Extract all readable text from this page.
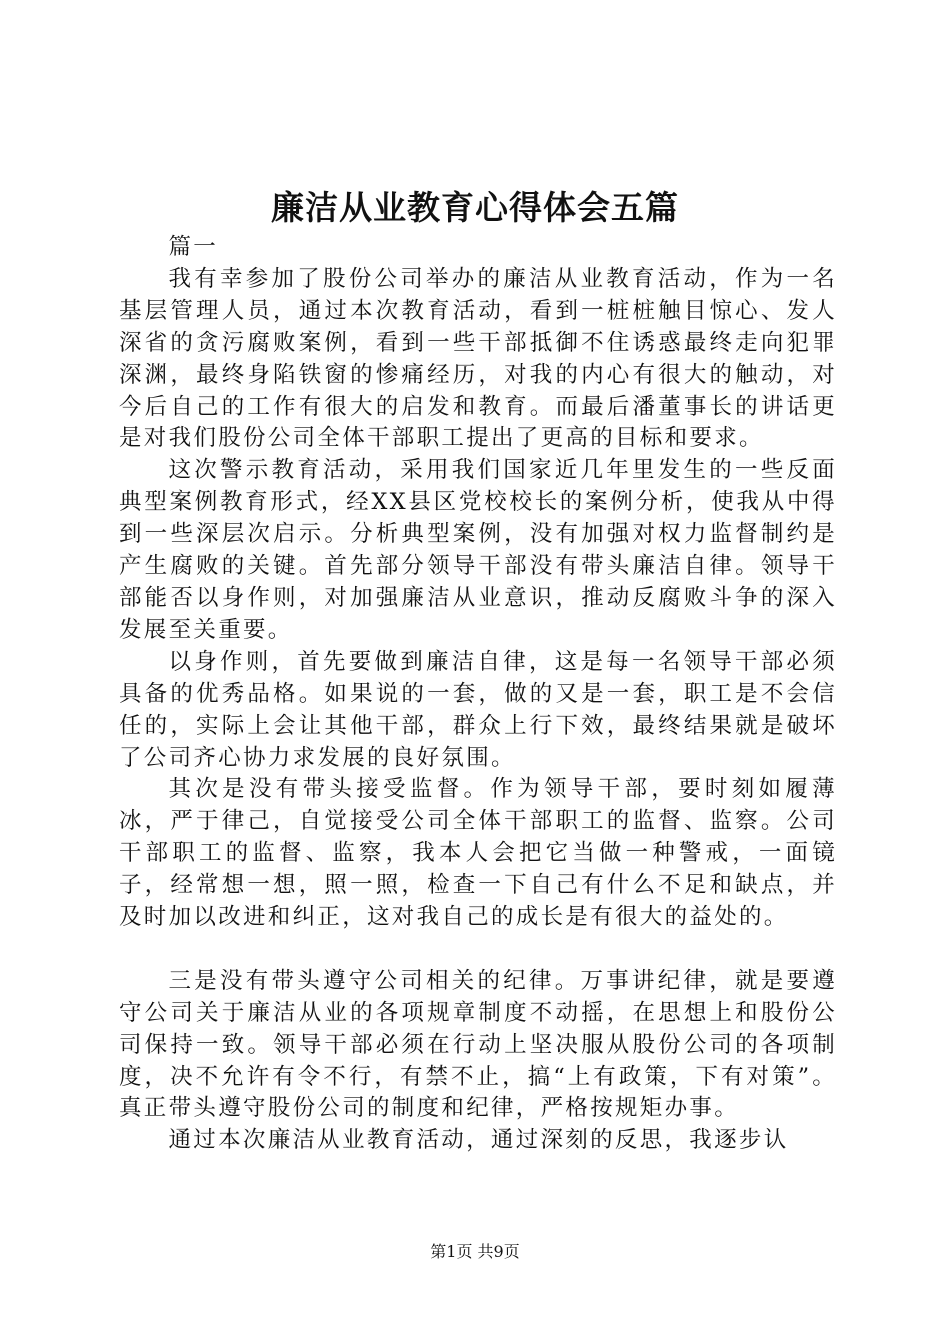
廉洁从业教育心得体会五篇

篇一

我有幸参加了股份公司举办的廉洁从业教育活动，作为一名基层管理人员，通过本次教育活动，看到一桩桩触目惊心、发人深省的贪污腐败案例，看到一些干部抵御不住诱惑最终走向犯罪深渊，最终身陷铁窗的惨痛经历，对我的内心有很大的触动，对今后自己的工作有很大的启发和教育。而最后潘董事长的讲话更是对我们股份公司全体干部职工提出了更高的目标和要求。

这次警示教育活动，采用我们国家近几年里发生的一些反面典型案例教育形式，经XX县区党校校长的案例分析，使我从中得到一些深层次启示。分析典型案例，没有加强对权力监督制约是产生腐败的关键。首先部分领导干部没有带头廉洁自律。领导干部能否以身作则，对加强廉洁从业意识，推动反腐败斗争的深入发展至关重要。

以身作则，首先要做到廉洁自律，这是每一名领导干部必须具备的优秀品格。如果说的一套，做的又是一套，职工是不会信任的，实际上会让其他干部，群众上行下效，最终结果就是破坏了公司齐心协力求发展的良好氛围。

其次是没有带头接受监督。作为领导干部，要时刻如履薄冰，严于律己，自觉接受公司全体干部职工的监督、监察。公司干部职工的监督、监察，我本人会把它当做一种警戒，一面镜子，经常想一想，照一照，检查一下自己有什么不足和缺点，并及时加以改进和纠正，这对我自己的成长是有很大的益处的。

三是没有带头遵守公司相关的纪律。万事讲纪律，就是要遵守公司关于廉洁从业的各项规章制度不动摇，在思想上和股份公司保持一致。领导干部必须在行动上坚决服从股份公司的各项制度，决不允许有令不行，有禁不止，搞“上有政策，下有对策”。真正带头遵守股份公司的制度和纪律，严格按规矩办事。

通过本次廉洁从业教育活动，通过深刻的反思，我逐步认

第1页 共9页
